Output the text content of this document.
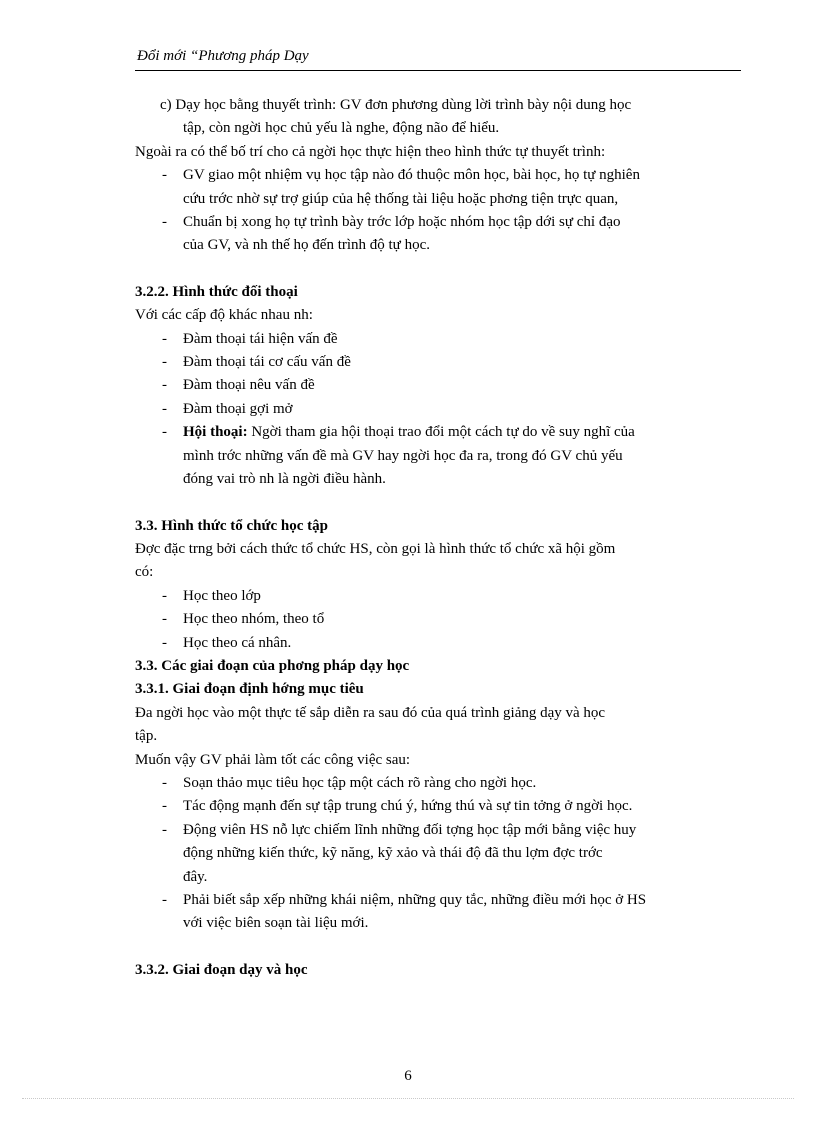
Đổi mới “Phương pháp Dạy

c) Dạy học bằng thuyết trình: GV đơn phương dùng lời trình bày nội dung học

tập, còn ngời học chủ yếu là nghe, động não để hiểu.

Ngoài ra có thể bố trí cho cả ngời học thực hiện theo hình thức tự thuyết trình:

- GV giao một nhiệm vụ học tập nào đó thuộc môn học, bài học, họ tự nghiên

cứu trớc nhờ sự trợ giúp của hệ thống tài liệu hoặc phơng tiện trực quan,

- Chuẩn bị xong họ tự trình bày trớc lớp hoặc nhóm học tập dới sự chỉ đạo

của GV, và nh thế họ đến trình độ tự học.

3.2.2. Hình thức đối thoại

Với các cấp độ khác nhau nh:

- Đàm thoại tái hiện vấn đề

- Đàm thoại tái cơ cấu vấn đề

- Đàm thoại nêu vấn đề

- Đàm thoại gợi mở

- Hội thoại: Ngời tham gia hội thoại trao đổi một cách tự do về suy nghĩ của

mình trớc những vấn đề mà GV hay ngời học đa ra, trong đó GV chủ yếu

đóng vai trò nh là ngời điều hành.

3.3. Hình thức tổ chức học tập

Đợc đặc trng bởi cách thức tổ chức HS, còn gọi là hình thức tổ chức xã hội gồm

có:

- Học theo lớp

- Học theo nhóm, theo tổ

- Học theo cá nhân.

3.3. Các giai đoạn của phơng pháp dạy học

3.3.1. Giai đoạn định hớng mục tiêu

Đa ngời học vào một thực tế sắp diễn ra sau đó của quá trình giảng dạy và học

tập.

Muốn vậy GV phải làm tốt các công việc sau:

- Soạn thảo mục tiêu học tập một cách rõ ràng cho ngời học.

- Tác động mạnh đến sự tập trung chú ý, hứng thú và sự tin tởng ở ngời học.

- Động viên HS nỗ lực chiếm lĩnh những đối tợng học tập mới bằng việc huy

động những kiến thức, kỹ năng, kỹ xảo và thái độ đã thu lợm đợc trớc

đây.

- Phải biết sắp xếp những khái niệm, những quy tắc, những điều mới học ở HS

với việc biên soạn tài liệu mới.

3.3.2. Giai đoạn dạy và học

6
